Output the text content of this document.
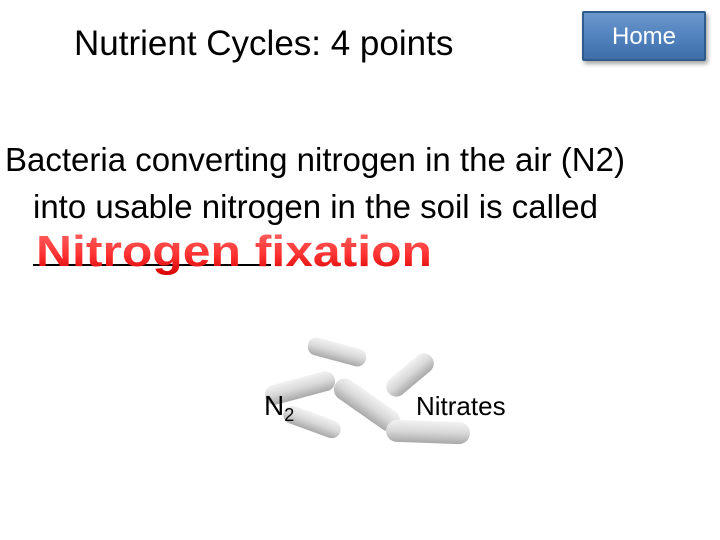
Nutrient Cycles: 4 points	Home
Bacteria converting nitrogen in the air (N2)
into usable nitrogen in the soil is called
Nitrogen fixation
$N_2$	Nitrates
